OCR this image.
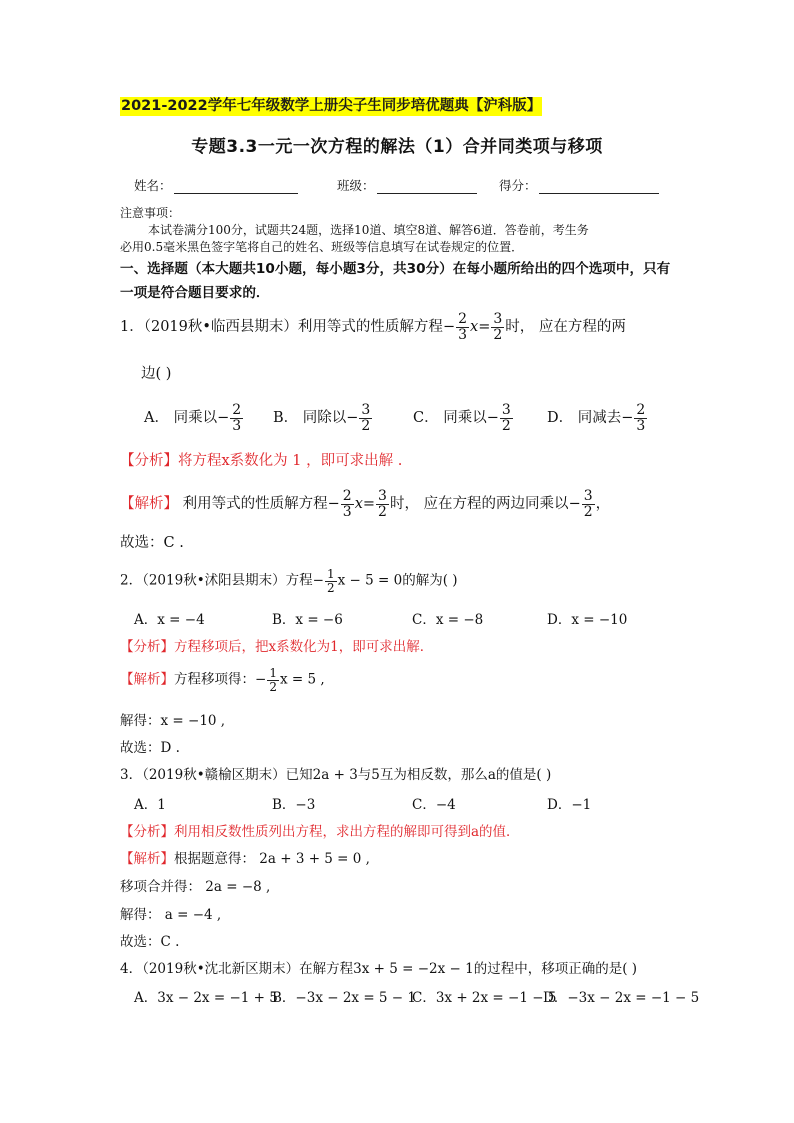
2021-2022学年七年级数学上册尖子生同步培优题典【沪科版】
专题3.3一元一次方程的解法（1）合并同类项与移项
姓名：	班级：	得分：
注意事项：
本试卷满分100分，试题共24题，选择10道、填空8道、解答6道．答卷前，考生务
必用0.5毫米黑色签字笔将自己的姓名、班级等信息填写在试卷规定的位置．
一、选择题（本大题共10小题，每小题3分，共30分）在每小题所给出的四个选项中，只有一项是符合题目要求的．
1．（2019秋•临西县期末）利用等式的性质解方程− $\frac{2}{3} x= \frac{3}{2}$ 时， 应在方程的两
边( )
A． 同乘以− $\frac{2}{3}$ B． 同除以− $\frac{3}{2}$	C． 同乘以− $\frac{3}{2}$ D． 同减去− $\frac{2}{3}$
【分析】将方程x系数化为 1 ，即可求出解 .
【解析】 利用等式的性质解方程− $\frac{2}{3} x= \frac{3}{2}$ 时， 应在方程的两边同乘以− $\frac{3}{2}$ ，
故选：C .
2．（2019秋•沭阳县期末）方程− $\frac{1}{2}$ x − 5 = 0的解为( )
A．x = −4	B．x = −6	C．x = −8	D．x = −10
【分析】方程移项后，把x系数化为1，即可求出解．
【解析】方程移项得：− $\frac{1}{2}$ x = 5 ,
解得：x = −10 ,
故选：D .
3．（2019秋•赣榆区期末）已知2a + 3与5互为相反数，那么a的值是( )
A．1	B．−3	C．−4	D．−1
【分析】利用相反数性质列出方程，求出方程的解即可得到a的值．
【解析】根据题意得： 2a + 3 + 5 = 0 ,
移项合并得： 2a = −8 ,
解得： a = −4 ,
故选：C .
4．（2019秋•沈北新区期末）在解方程3x + 5 = −2x − 1的过程中，移项正确的是( )
A．3x − 2x = −1 + 5
B．−3x − 2x = 5 − 1
C．3x + 2x = −1 − 5
D．−3x − 2x = −1 − 5
